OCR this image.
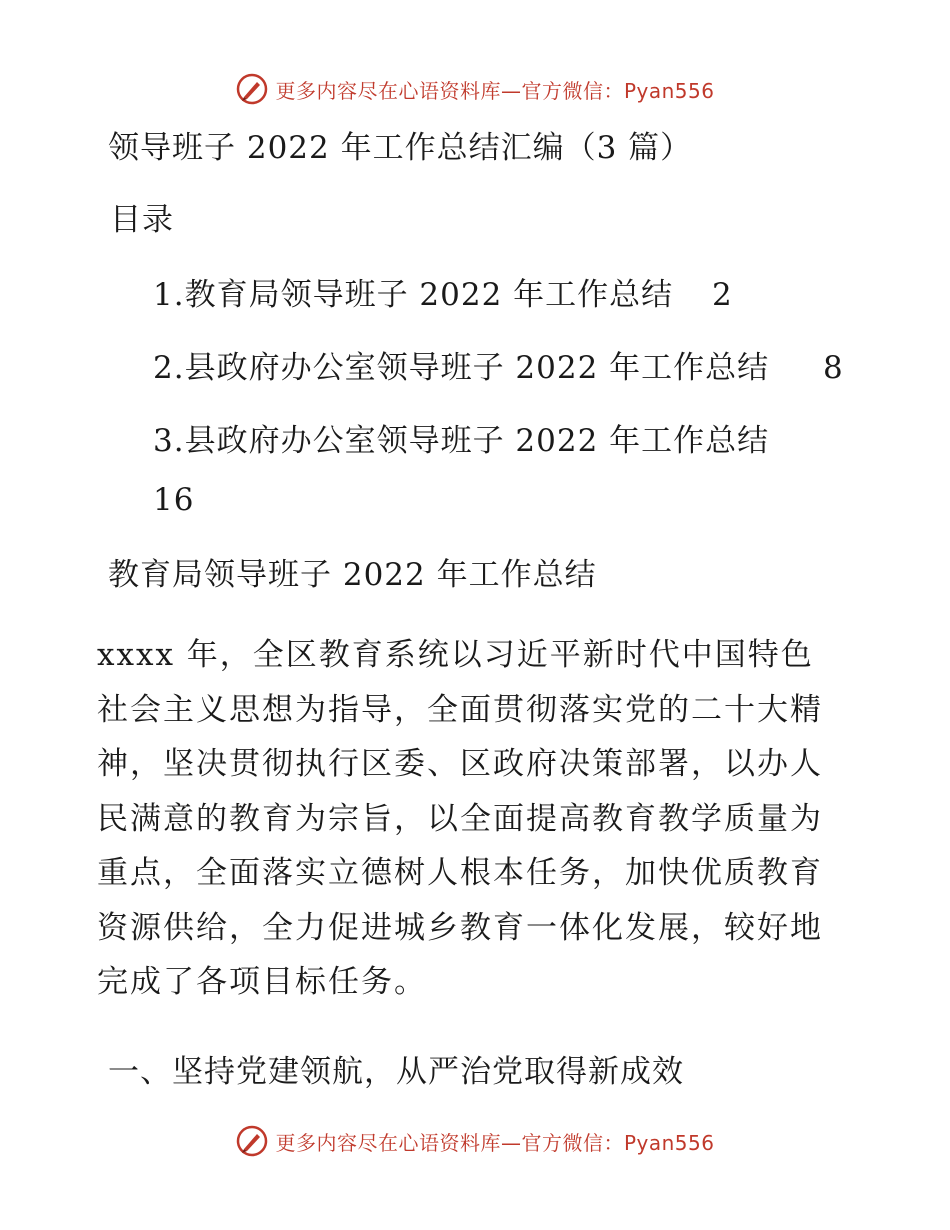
更多内容尽在心语资料库—官方微信：Pyan556
领导班子 2022 年工作总结汇编（3 篇）
目录
1.教育局领导班子 2022 年工作总结 2
2.县政府办公室领导班子 2022 年工作总结 8
3.县政府办公室领导班子 2022 年工作总结
16
教育局领导班子 2022 年工作总结
xxxx 年，全区教育系统以习近平新时代中国特色
社会主义思想为指导，全面贯彻落实党的二十大精
神，坚决贯彻执行区委、区政府决策部署，以办人
民满意的教育为宗旨，以全面提高教育教学质量为
重点，全面落实立德树人根本任务，加快优质教育
资源供给，全力促进城乡教育一体化发展，较好地
完成了各项目标任务。
一、坚持党建领航，从严治党取得新成效
更多内容尽在心语资料库—官方微信：Pyan556
